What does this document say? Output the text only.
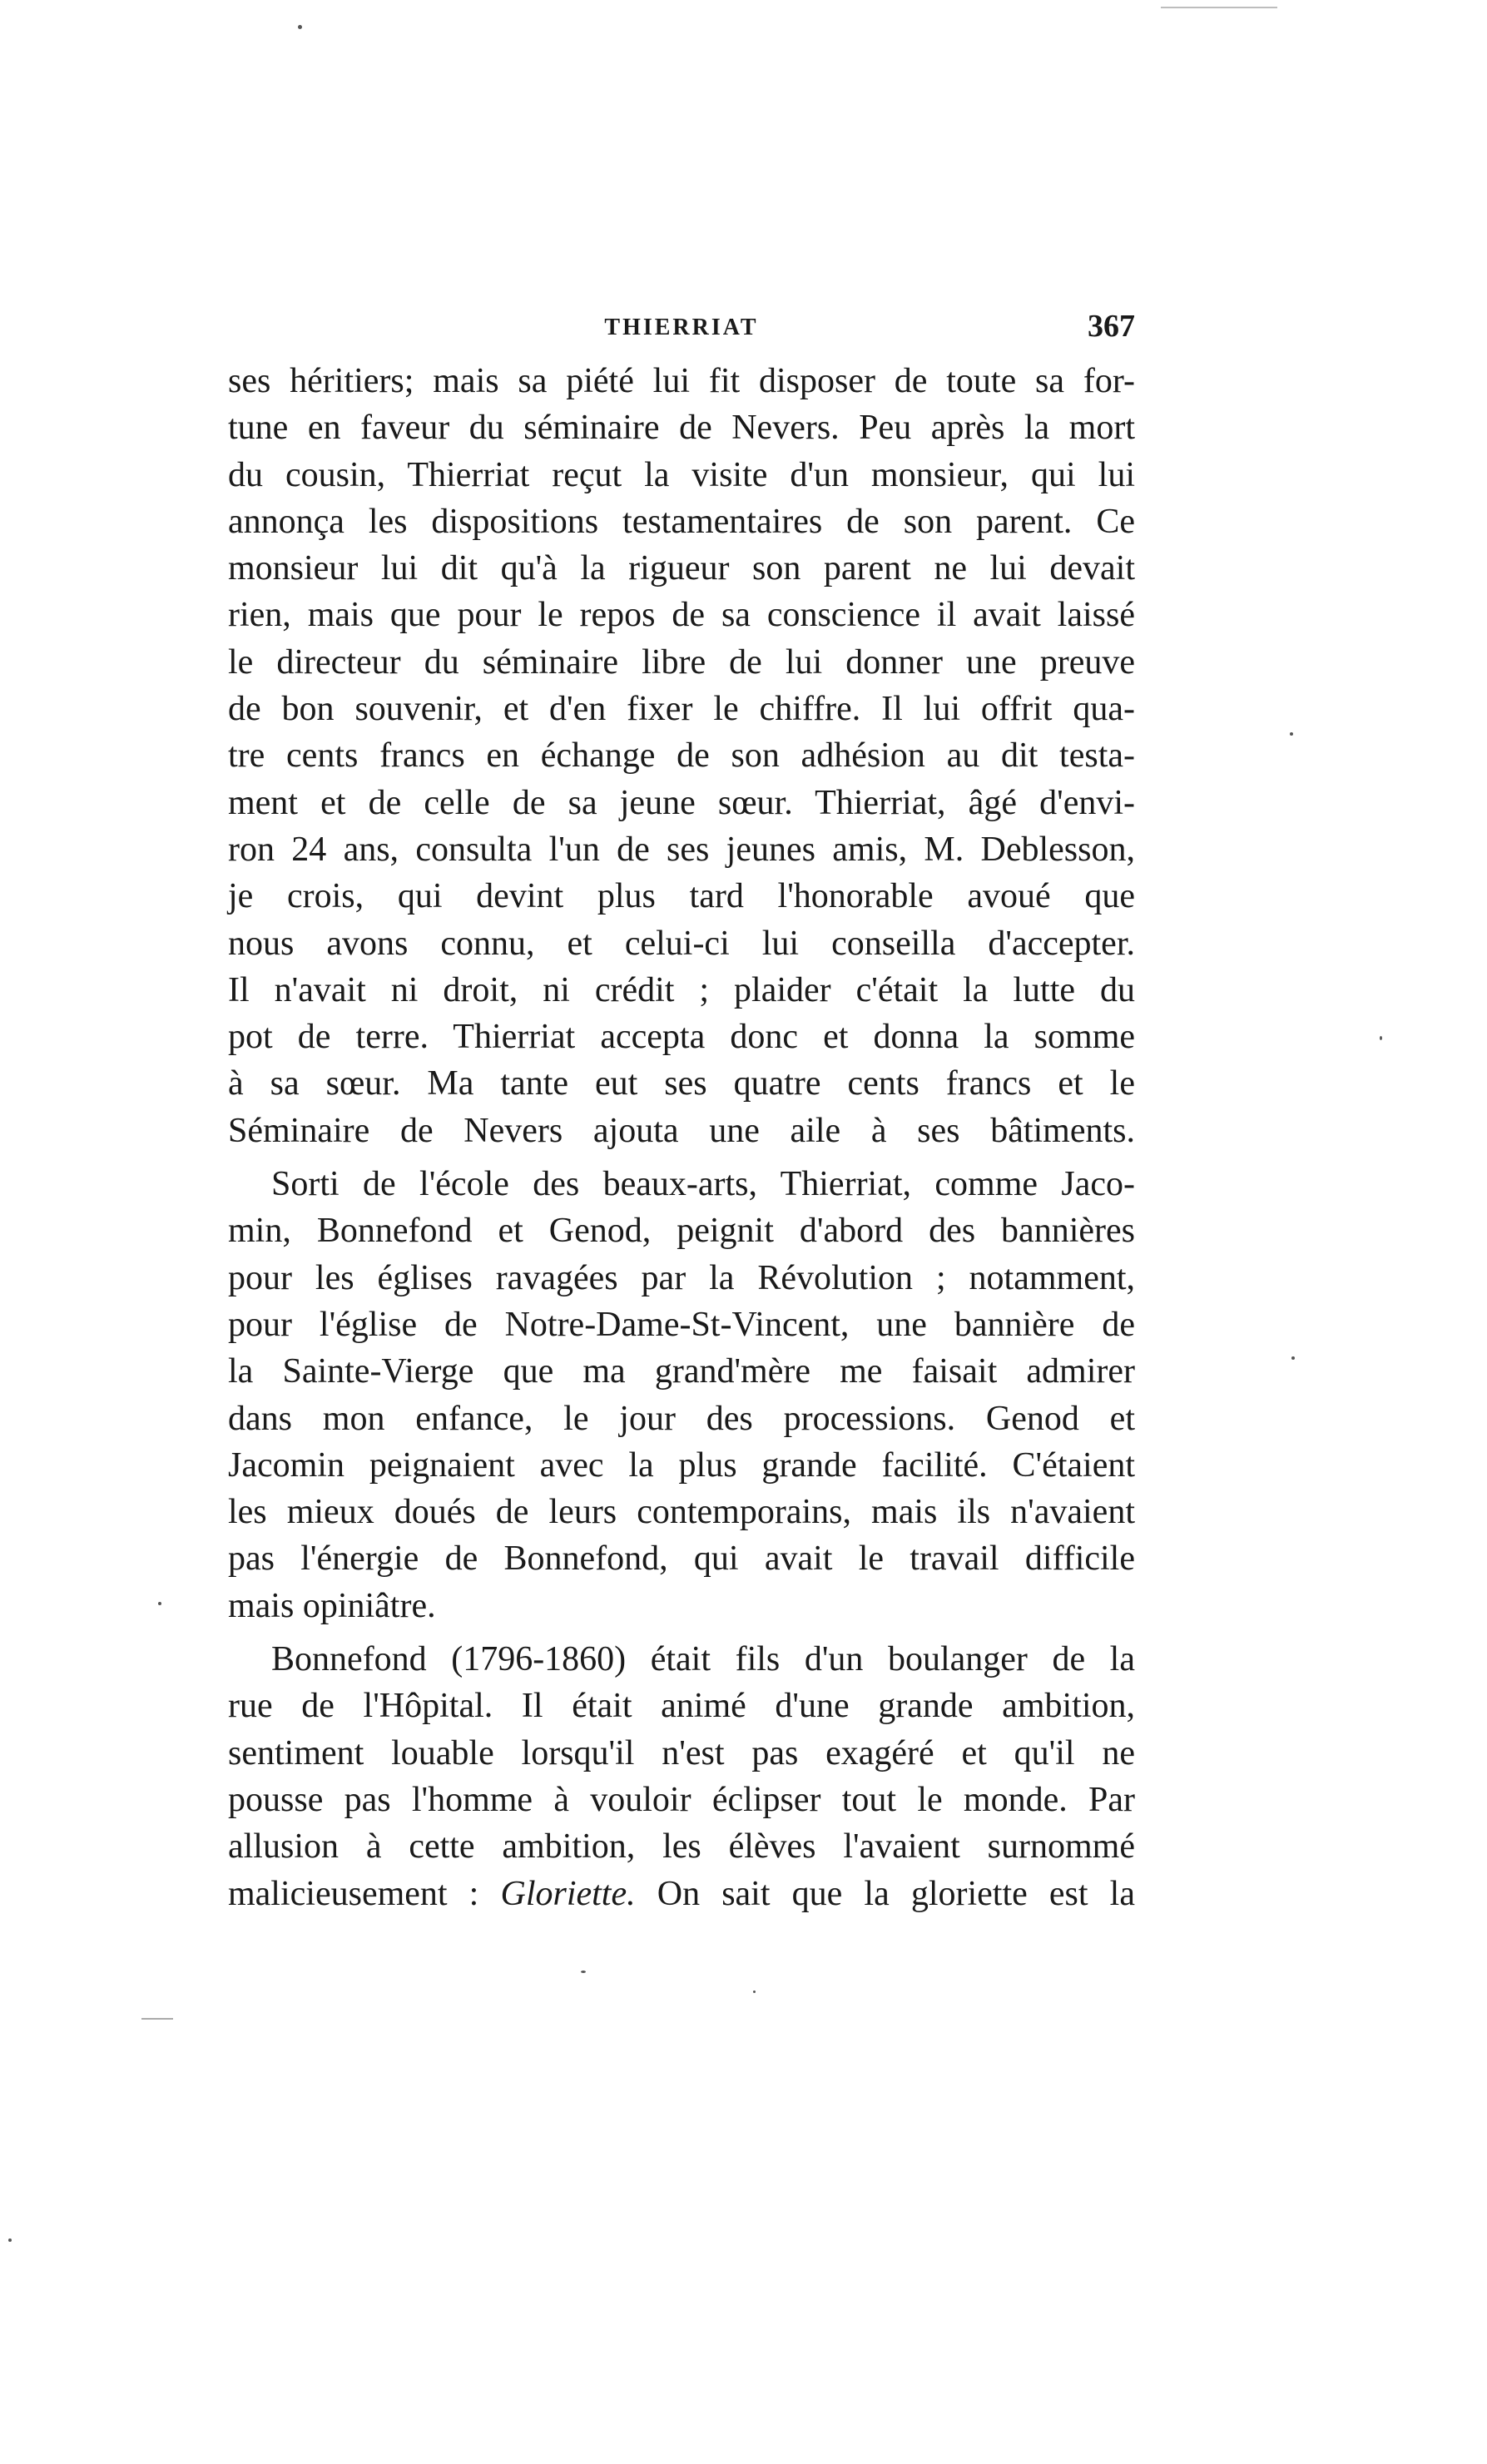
THIERRIAT	367
ses héritiers; mais sa piété lui fit disposer de toute sa for-
tune en faveur du séminaire de Nevers. Peu après la mort
du cousin, Thierriat reçut la visite d'un monsieur, qui lui
annonça les dispositions testamentaires de son parent. Ce
monsieur lui dit qu'à la rigueur son parent ne lui devait
rien, mais que pour le repos de sa conscience il avait laissé
le directeur du séminaire libre de lui donner une preuve
de bon souvenir, et d'en fixer le chiffre. Il lui offrit qua-
tre cents francs en échange de son adhésion au dit testa-
ment et de celle de sa jeune sœur. Thierriat, âgé d'envi-
ron 24 ans, consulta l'un de ses jeunes amis, M. Deblesson,
je crois, qui devint plus tard l'honorable avoué que
nous avons connu, et celui-ci lui conseilla d'accepter.
Il n'avait ni droit, ni crédit ; plaider c'était la lutte du
pot de terre. Thierriat accepta donc et donna la somme
à sa sœur. Ma tante eut ses quatre cents francs et le
Séminaire de Nevers ajouta une aile à ses bâtiments.
Sorti de l'école des beaux-arts, Thierriat, comme Jaco-
min, Bonnefond et Genod, peignit d'abord des bannières
pour les églises ravagées par la Révolution ; notamment,
pour l'église de Notre-Dame-St-Vincent, une bannière de
la Sainte-Vierge que ma grand'mère me faisait admirer
dans mon enfance, le jour des processions. Genod et
Jacomin peignaient avec la plus grande facilité. C'étaient
les mieux doués de leurs contemporains, mais ils n'avaient
pas l'énergie de Bonnefond, qui avait le travail difficile
mais opiniâtre.
Bonnefond (1796-1860) était fils d'un boulanger de la
rue de l'Hôpital. Il était animé d'une grande ambition,
sentiment louable lorsqu'il n'est pas exagéré et qu'il ne
pousse pas l'homme à vouloir éclipser tout le monde. Par
allusion à cette ambition, les élèves l'avaient surnommé
malicieusement : Gloriette. On sait que la gloriette est la
